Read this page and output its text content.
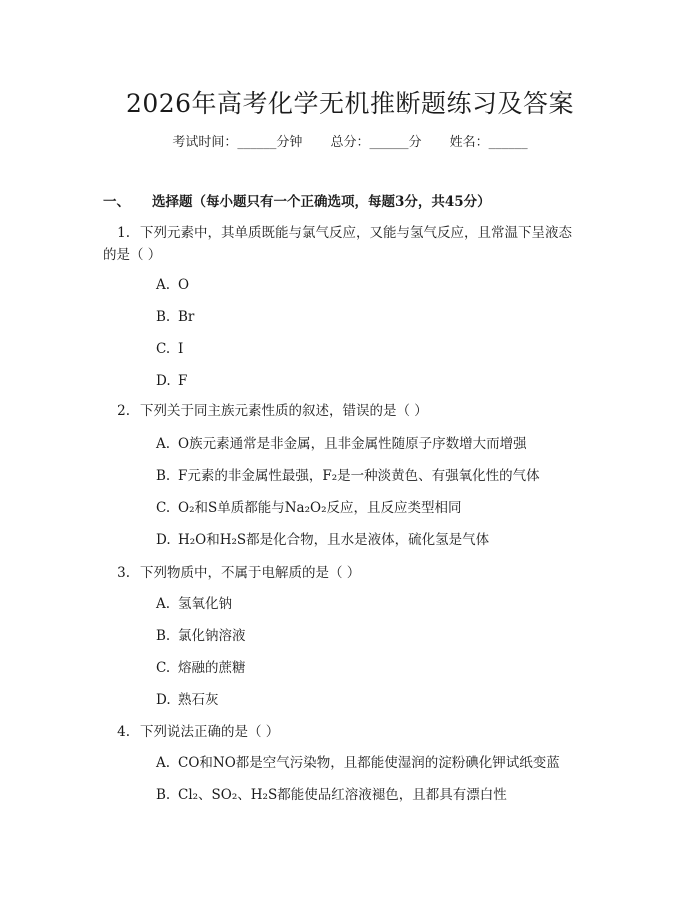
2026年高考化学无机推断题练习及答案
考试时间：______分钟 总分：______分 姓名：______
一、 选择题（每小题只有一个正确选项，每题3分，共45分）
1. 下列元素中，其单质既能与氯气反应，又能与氢气反应，且常温下呈液态
的是（ ）
A. O
B. Br
C. I
D. F
2. 下列关于同主族元素性质的叙述，错误的是（ ）
A. O族元素通常是非金属，且非金属性随原子序数增大而增强
B. F元素的非金属性最强，F₂是一种淡黄色、有强氧化性的气体
C. O₂和S单质都能与Na₂O₂反应，且反应类型相同
D. H₂O和H₂S都是化合物，且水是液体，硫化氢是气体
3. 下列物质中，不属于电解质的是（ ）
A. 氢氧化钠
B. 氯化钠溶液
C. 熔融的蔗糖
D. 熟石灰
4. 下列说法正确的是（ ）
A. CO和NO都是空气污染物，且都能使湿润的淀粉碘化钾试纸变蓝
B. Cl₂、SO₂、H₂S都能使品红溶液褪色，且都具有漂白性
